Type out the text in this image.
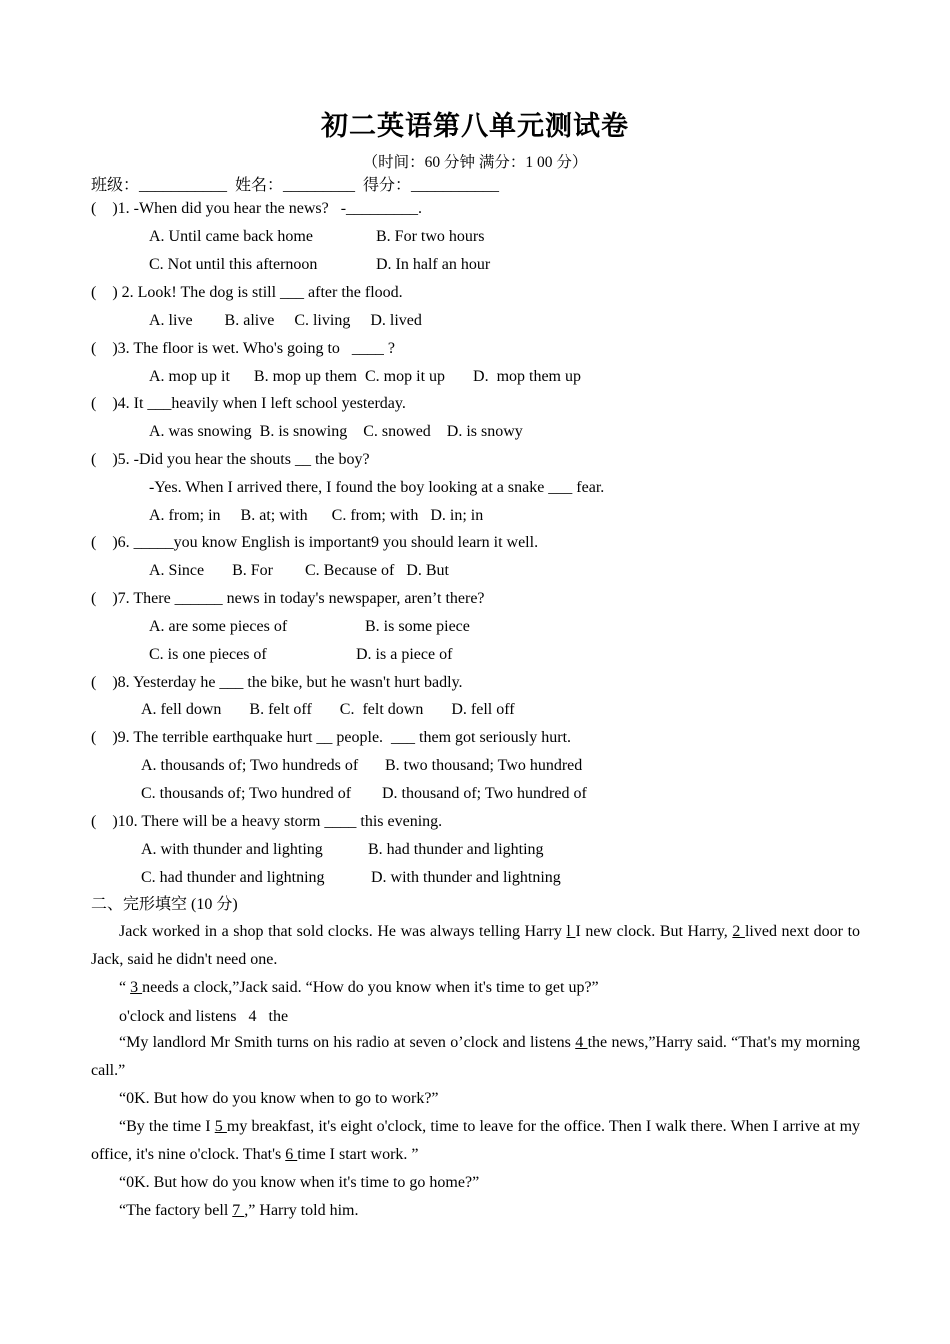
初二英语第八单元测试卷
（时间：60 分钟 满分：1 00 分）
班级：___________  姓名：_________  得分：___________
(    )1. -When did you hear the news?   -_________.
A. Until came back home	B. For two hours
C. Not until this afternoon	D. In half an hour
(    ) 2. Look! The dog is still ___ after the flood.
A. live        B. alive     C. living     D. lived
(    )3. The floor is wet. Who's going to   ____ ?
A. mop up it      B. mop up them  C. mop it up       D.  mop them up
(    )4. It ___heavily when I left school yesterday.
A. was snowing  B. is snowing    C. snowed    D. is snowy
(    )5. -Did you hear the shouts __ the boy?
-Yes. When I arrived there, I found the boy looking at a snake ___ fear.
A. from; in     B. at; with      C. from; with   D. in; in
(    )6. _____you know English is important9 you should learn it well.
A. Since       B. For        C. Because of   D. But
(    )7. There ______ news in today's newspaper, aren’t there?
A. are some pieces of	B. is some piece
C. is one pieces of	D. is a piece of
(    )8. Yesterday he ___ the bike, but he wasn't hurt badly.
A. fell down       B. felt off       C.  felt down       D. fell off
(    )9. The terrible earthquake hurt __ people.  ___ them got seriously hurt.
A. thousands of; Two hundreds of B. two thousand; Two hundred
C. thousands of; Two hundred of D. thousand of; Two hundred of
(    )10. There will be a heavy storm ____ this evening.
A. with thunder and lighting	B. had thunder and lighting
C. had thunder and lightning	D. with thunder and lightning
二、完形填空 (10 分)
Jack worked in a shop that sold clocks. He was always telling Harry l I new clock. But Harry, 2 lived next door to Jack, said he didn't need one.
“ 3 needs a clock,”Jack said. “How do you know when it's time to get up?”
o'clock and listens   4   the
“My landlord Mr Smith turns on his radio at seven o’clock and listens 4 the news,”Harry said. “That's my morning call.”
“0K. But how do you know when to go to work?”
“By the time I 5 my breakfast, it's eight o'clock, time to leave for the office. Then I walk there. When I arrive at my office, it's nine o'clock. That's 6 time I start work. ”
“0K. But how do you know when it's time to go home?”
“The factory bell 7 ,” Harry told him.
